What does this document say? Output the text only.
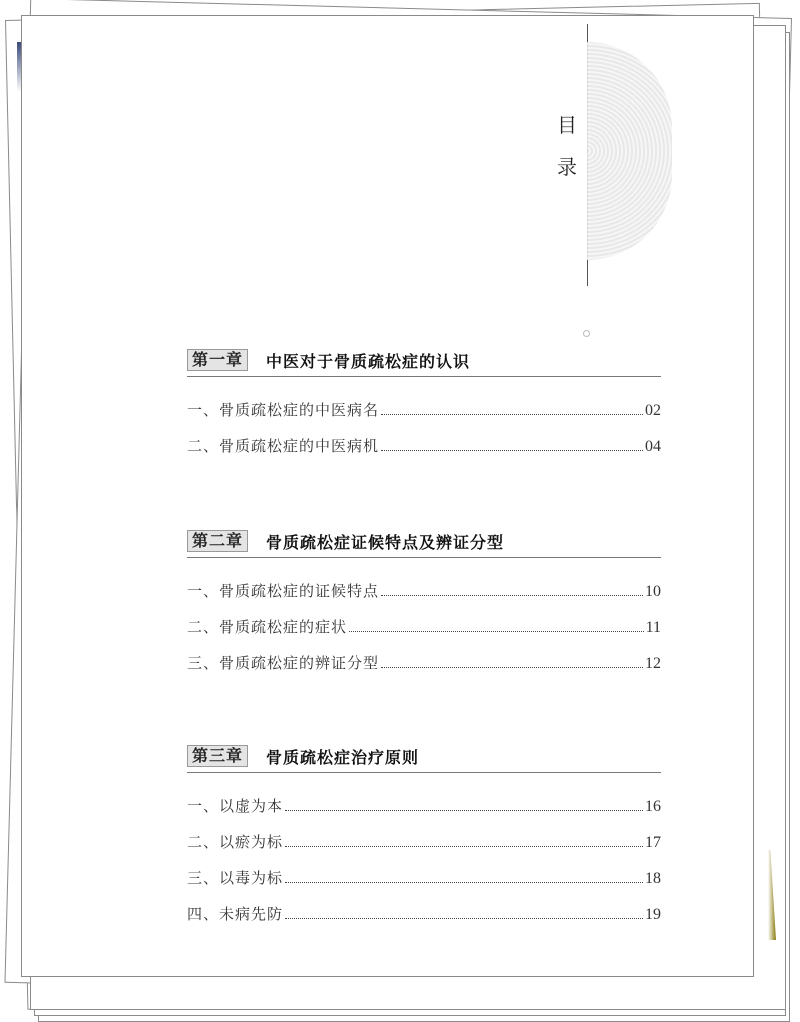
目
录
第一章	中医对于骨质疏松症的认识
一、骨质疏松症的中医病名	02
二、骨质疏松症的中医病机	04
第二章	骨质疏松症证候特点及辨证分型
一、骨质疏松症的证候特点	10
二、骨质疏松症的症状	11
三、骨质疏松症的辨证分型	12
第三章	骨质疏松症治疗原则
一、以虚为本	16
二、以瘀为标	17
三、以毒为标	18
四、未病先防	19
